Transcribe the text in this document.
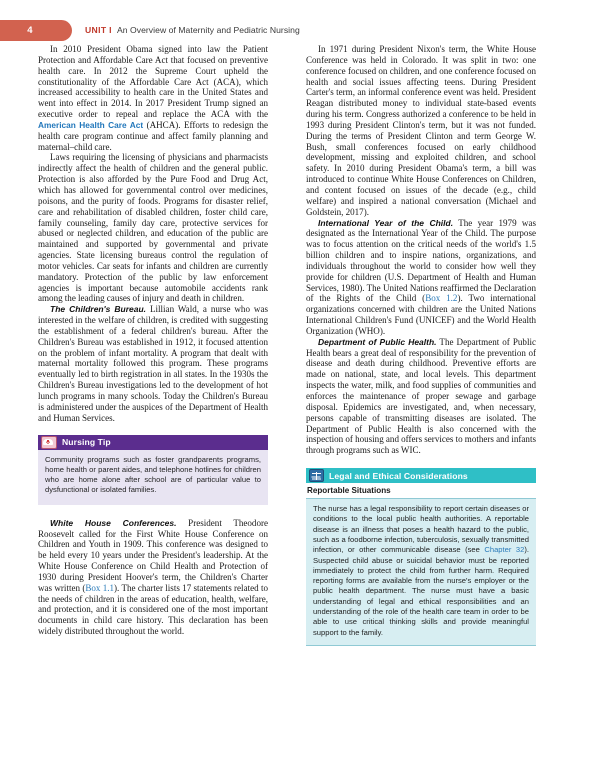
4	UNIT I An Overview of Maternity and Pediatric Nursing

In 2010 President Obama signed into law the Patient Protection and Affordable Care Act that focused on preventive health care. In 2012 the Supreme Court upheld the constitutionality of the Affordable Care Act (ACA), which increased accessibility to health care in the United States and went into effect in 2014. In 2017 President Trump signed an executive order to repeal and replace the ACA with the American Health Care Act (AHCA). Efforts to redesign the health care program continue and affect family planning and maternal–child care.

Laws requiring the licensing of physicians and pharmacists indirectly affect the health of children and the general public. Protection is also afforded by the Pure Food and Drug Act, which has allowed for governmental control over medicines, poisons, and the purity of foods. Programs for disaster relief, care and rehabilitation of disabled children, foster child care, family counseling, family day care, protective services for abused or neglected children, and education of the public are maintained and supported by governmental and private agencies. State licensing bureaus control the regulation of motor vehicles. Car seats for infants and children are currently mandatory. Protection of the public by law enforcement agencies is important because automobile accidents rank among the leading causes of injury and death in children.

The Children's Bureau. Lillian Wald, a nurse who was interested in the welfare of children, is credited with suggesting the establishment of a federal children's bureau. After the Children's Bureau was established in 1912, it focused attention on the problem of infant mortality. A program that dealt with maternal mortality followed this program. These programs eventually led to birth registration in all states. In the 1930s the Children's Bureau investigations led to the development of hot lunch programs in many schools. Today the Children's Bureau is administered under the auspices of the Department of Health and Human Services.

Nursing Tip

Community programs such as foster grandparents programs, home health or parent aides, and telephone hotlines for children who are home alone after school are of particular value to dysfunctional or isolated families.

White House Conferences. President Theodore Roosevelt called for the First White House Conference on Children and Youth in 1909. This conference was designed to be held every 10 years under the President's leadership. At the White House Conference on Child Health and Protection of 1930 during President Hoover's term, the Children's Charter was written (Box 1.1). The charter lists 17 statements related to the needs of children in the areas of education, health, welfare, and protection, and it is considered one of the most important documents in child care history. This declaration has been widely distributed throughout the world.

In 1971 during President Nixon's term, the White House Conference was held in Colorado. It was split in two: one conference focused on children, and one conference focused on health and social issues affecting teens. During President Carter's term, an informal conference event was held. President Reagan distributed money to individual state-based events during his term. Congress authorized a conference to be held in 1993 during President Clinton's term, but it was not funded. During the terms of President Clinton and term George W. Bush, small conferences focused on early childhood development, missing and exploited children, and school safety. In 2010 during President Obama's term, a bill was introduced to continue White House Conferences on Children, and content focused on issues of the decade (e.g., child welfare) and inspired a national conversation (Michael and Goldstein, 2017).

International Year of the Child. The year 1979 was designated as the International Year of the Child. The purpose was to focus attention on the critical needs of the world's 1.5 billion children and to inspire nations, organizations, and individuals throughout the world to consider how well they provide for children (U.S. Department of Health and Human Services, 1980). The United Nations reaffirmed the Declaration of the Rights of the Child (Box 1.2). Two international organizations concerned with children are the United Nations International Children's Fund (UNICEF) and the World Health Organization (WHO).

Department of Public Health. The Department of Public Health bears a great deal of responsibility for the prevention of disease and death during childhood. Preventive efforts are made on national, state, and local levels. This department inspects the water, milk, and food supplies of communities and enforces the maintenance of proper sewage and garbage disposal. Epidemics are investigated, and, when necessary, persons capable of transmitting diseases are isolated. The Department of Public Health is also concerned with the inspection of housing and offers services to mothers and infants through programs such as WIC.

Legal and Ethical Considerations
Reportable Situations

The nurse has a legal responsibility to report certain diseases or conditions to the local public health authorities. A reportable disease is an illness that poses a health hazard to the public, such as a foodborne infection, tuberculosis, sexually transmitted infection, or other communicable disease (see Chapter 32). Suspected child abuse or suicidal behavior must be reported immediately to protect the child from further harm. Required reporting forms are available from the nurse's employer or the public health department. The nurse must have a basic understanding of legal and ethical responsibilities and an understanding of the role of the health care team in order to be able to use critical thinking skills and provide meaningful support to the family.
